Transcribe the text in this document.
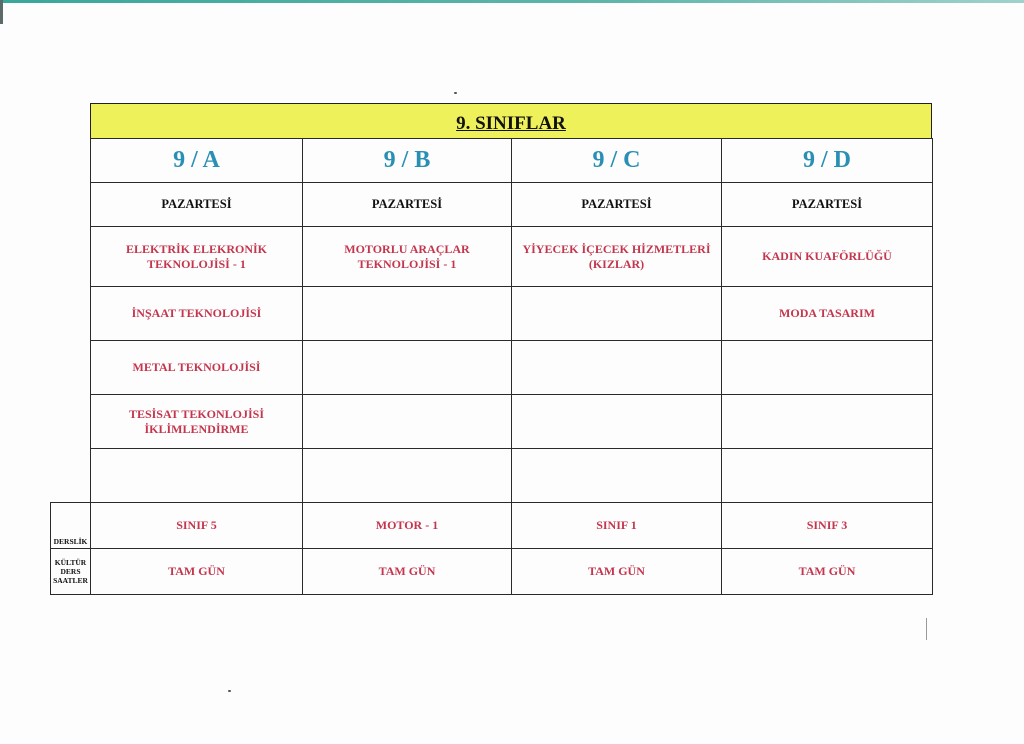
9. SINIFLAR
	9 / A	9 / B	9 / C	9 / D
	PAZARTESİ	PAZARTESİ	PAZARTESİ	PAZARTESİ
	ELEKTRİK ELEKRONİK TEKNOLOJİSİ - 1	MOTORLU ARAÇLAR TEKNOLOJİSİ - 1	YİYECEK İÇECEK HİZMETLERİ (KIZLAR)	KADIN KUAFÖRLÜĞÜ
	İNŞAAT TEKNOLOJİSİ			MODA TASARIM
	METAL TEKNOLOJİSİ			
	TESİSAT TEKONLOJİSİ İKLİMLENDİRME			

DERSLİK	SINIF 5	MOTOR - 1	SINIF 1	SINIF 3
KÜLTÜR DERS SAATLER	TAM GÜN	TAM GÜN	TAM GÜN	TAM GÜN
